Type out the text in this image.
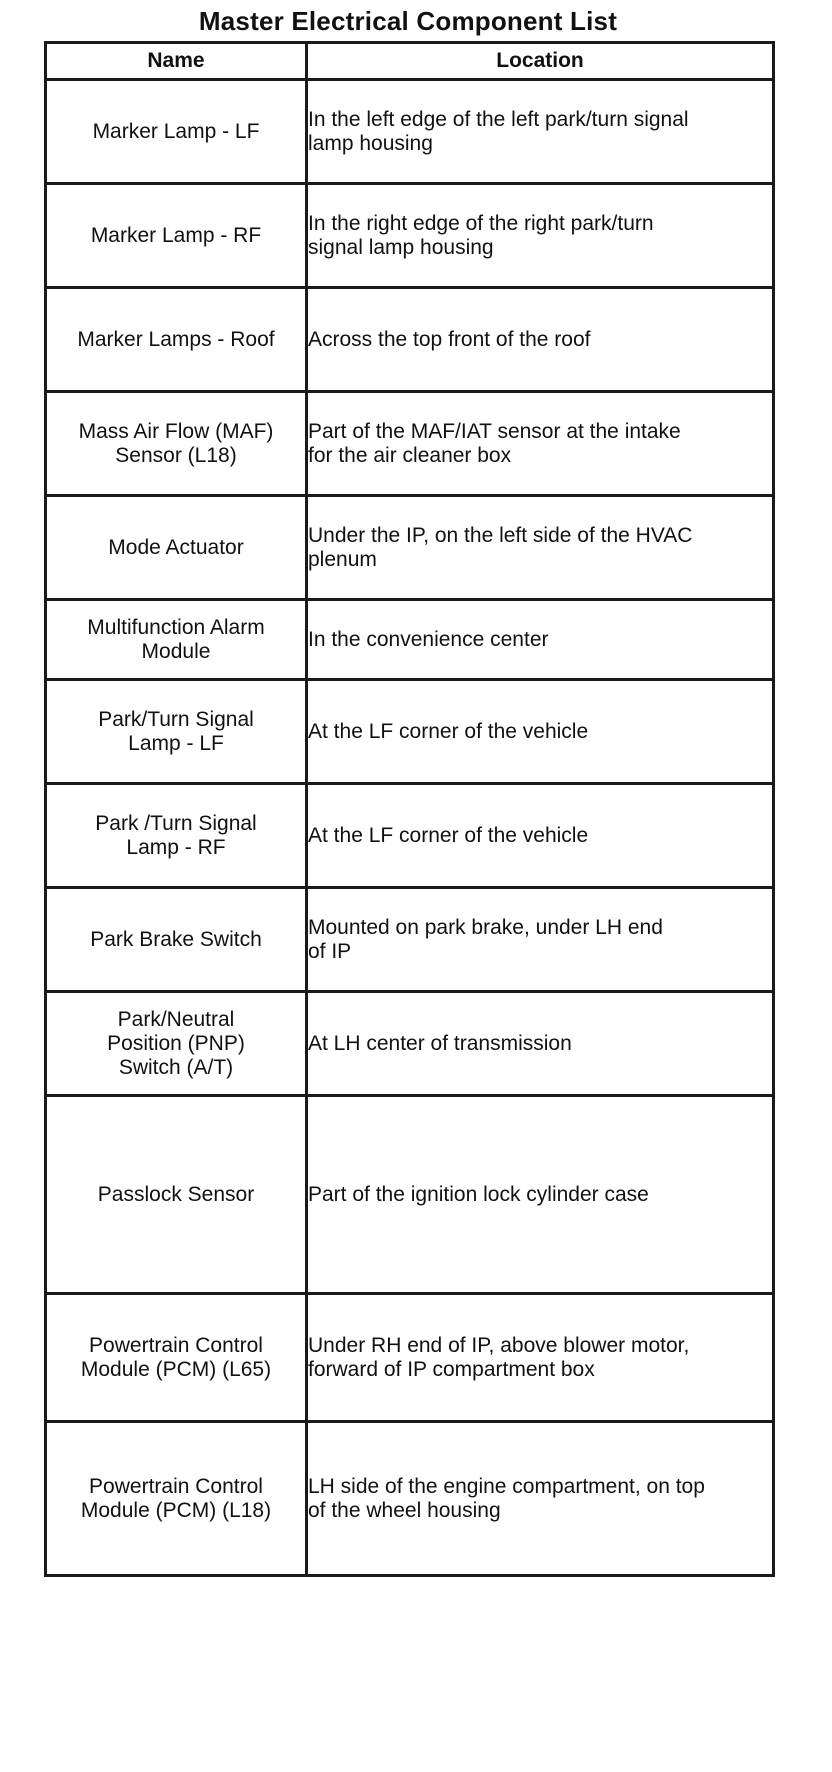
Master Electrical Component List
Name	Location

Marker Lamp - LF	In the left edge of the left park/turn signal
lamp housing

Marker Lamp - RF	In the right edge of the right park/turn
signal lamp housing

Marker Lamps - Roof	Across the top front of the roof

Mass Air Flow (MAF)
Sensor (L18)	Part of the MAF/IAT sensor at the intake
for the air cleaner box

Mode Actuator	Under the IP, on the left side of the HVAC
plenum

Multifunction Alarm
Module	In the convenience center

Park/Turn Signal
Lamp - LF	At the LF corner of the vehicle

Park /Turn Signal
Lamp - RF	At the LF corner of the vehicle

Park Brake Switch	Mounted on park brake, under LH end
of IP

Park/Neutral
Position (PNP)
Switch (A/T)	At LH center of transmission

Passlock Sensor	Part of the ignition lock cylinder case

Powertrain Control
Module (PCM) (L65)	Under RH end of IP, above blower motor,
forward of IP compartment box

Powertrain Control
Module (PCM) (L18)	LH side of the engine compartment, on top
of the wheel housing
